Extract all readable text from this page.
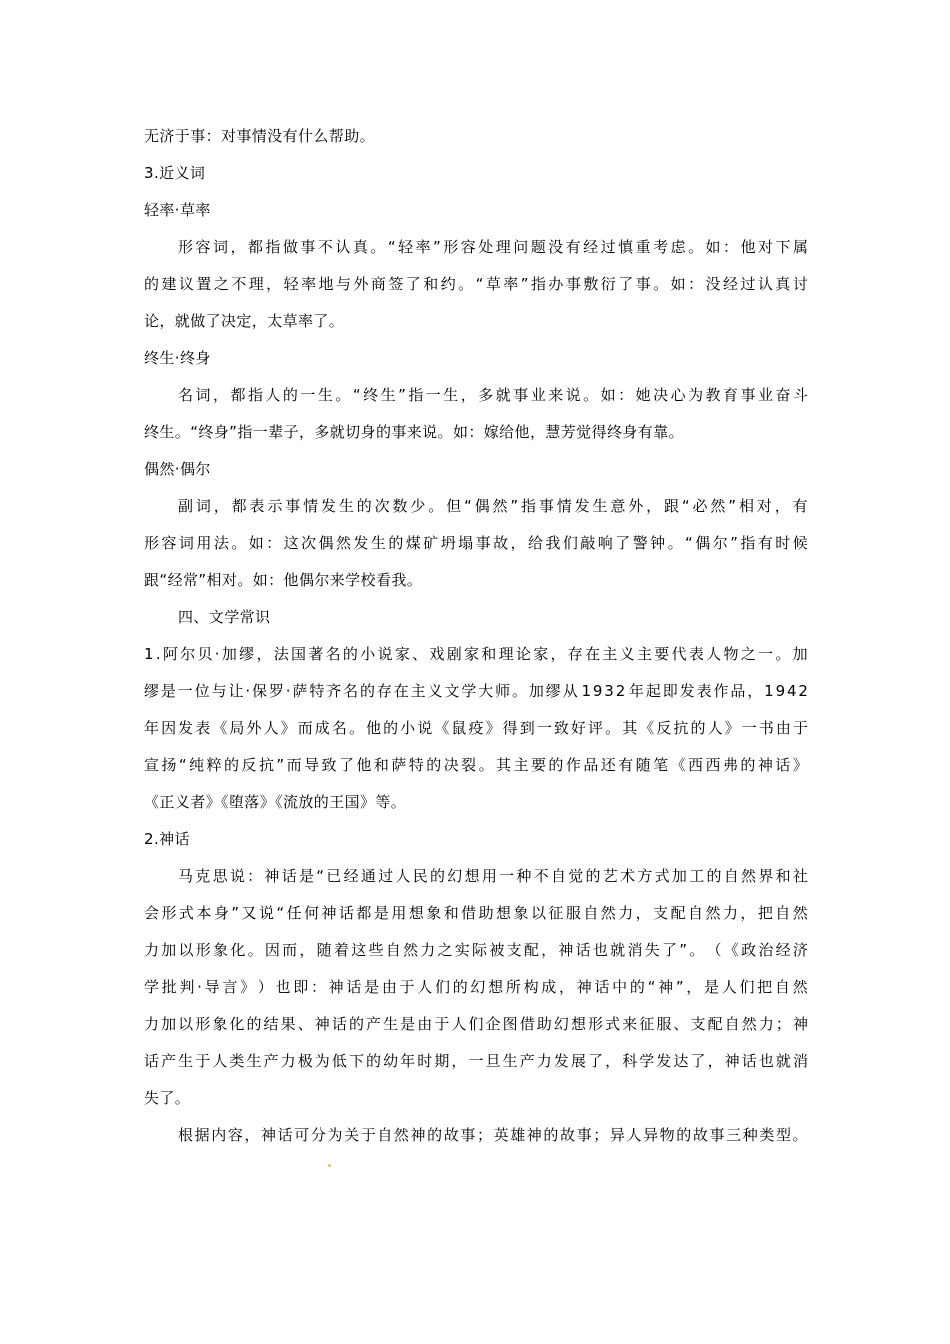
无济于事：对事情没有什么帮助。
3.近义词
轻率·草率
形 容 词 ， 都 指 做 事 不 认 真 。 “ 轻 率 ” 形 容 处 理 问 题 没 有 经 过 慎 重 考 虑 。 如 ： 他 对 下 属
的 建 议 置 之 不 理 ， 轻 率 地 与 外 商 签 了 和 约 。 “ 草 率 ” 指 办 事 敷 衍 了 事 。 如 ： 没 经 过 认 真 讨
论，就做了决定，太草率了。
终生·终身
名 词 ， 都 指 人 的 一 生 。 “ 终 生 ” 指 一 生 ， 多 就 事 业 来 说 。 如 ： 她 决 心 为 教 育 事 业 奋 斗
终生。“终身”指一辈子，多就切身的事来说。如：嫁给他，慧芳觉得终身有靠。
偶然·偶尔
副 词 ， 都 表 示 事 情 发 生 的 次 数 少 。 但 “ 偶 然 ” 指 事 情 发 生 意 外 ， 跟 “ 必 然 ” 相 对 ， 有
形 容 词 用 法 。 如 ： 这 次 偶 然 发 生 的 煤 矿 坍 塌 事 故 ， 给 我 们 敲 响 了 警 钟 。 “ 偶 尔 ” 指 有 时 候
跟“经常”相对。如：他偶尔来学校看我。
四、文学常识
1 . 阿 尔 贝 · 加 缪 ， 法 国 著 名 的 小 说 家 、 戏 剧 家 和 理 论 家 ， 存 在 主 义 主 要 代 表 人 物 之 一 。 加
缪 是 一 位 与 让 · 保 罗 · 萨 特 齐 名 的 存 在 主 义 文 学 大 师 。 加 缪 从 1 9 3 2 年 起 即 发 表 作 品 ， 1 9 4 2
年 因 发 表 《 局 外 人 》 而 成 名 。 他 的 小 说 《 鼠 疫 》 得 到 一 致 好 评 。 其 《 反 抗 的 人 》 一 书 由 于
宣 扬 “ 纯 粹 的 反 抗 ” 而 导 致 了 他 和 萨 特 的 决 裂 。 其 主 要 的 作 品 还 有 随 笔 《 西 西 弗 的 神 话 》
《正义者》《堕落》《流放的王国》等。
2.神话
马 克 思 说 ： 神 话 是 “ 已 经 通 过 人 民 的 幻 想 用 一 种 不 自 觉 的 艺 术 方 式 加 工 的 自 然 界 和 社
会 形 式 本 身 ” 又 说 “ 任 何 神 话 都 是 用 想 象 和 借 助 想 象 以 征 服 自 然 力 ， 支 配 自 然 力 ， 把 自 然
力 加 以 形 象 化 。 因 而 ， 随 着 这 些 自 然 力 之 实 际 被 支 配 ， 神 话 也 就 消 失 了 ” 。 （ 《 政 治 经 济
学 批 判 · 导 言 》 ） 也 即 ： 神 话 是 由 于 人 们 的 幻 想 所 构 成 ， 神 话 中 的 “ 神 ” ， 是 人 们 把 自 然
力 加 以 形 象 化 的 结 果 、 神 话 的 产 生 是 由 于 人 们 企 图 借 助 幻 想 形 式 来 征 服 、 支 配 自 然 力 ； 神
话 产 生 于 人 类 生 产 力 极 为 低 下 的 幼 年 时 期 ， 一 旦 生 产 力 发 展 了 ， 科 学 发 达 了 ， 神 话 也 就 消
失了。
根 据 内 容 ， 神 话 可 分 为 关 于 自 然 神 的 故 事 ； 英 雄 神 的 故 事 ； 异 人 异 物 的 故 事 三 种 类 型 。
